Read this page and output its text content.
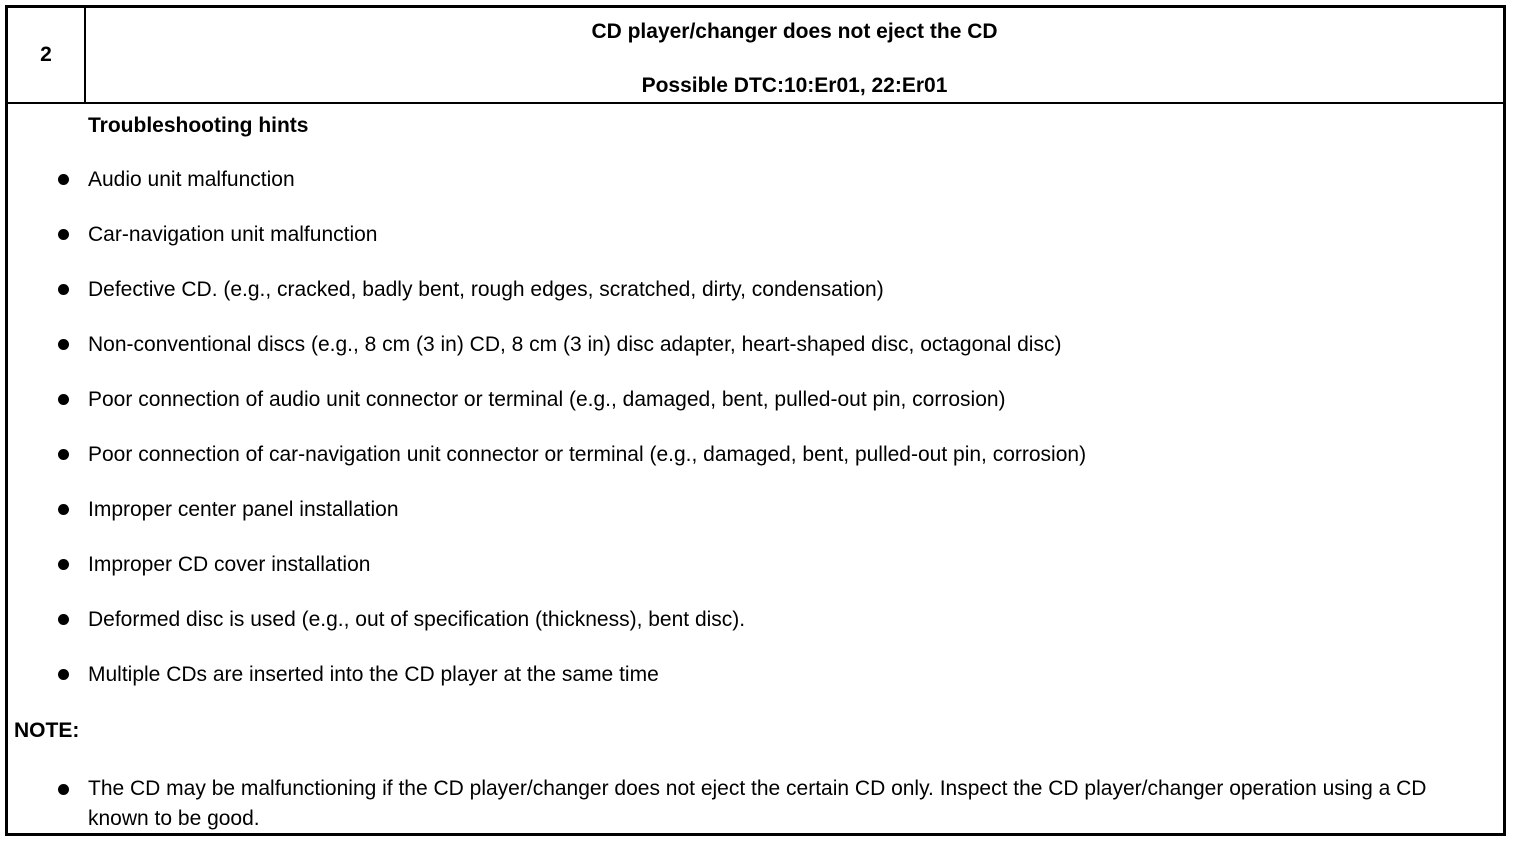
2
CD player/changer does not eject the CD
Possible DTC:10:Er01, 22:Er01
Troubleshooting hints
Audio unit malfunction
Car-navigation unit malfunction
Defective CD. (e.g., cracked, badly bent, rough edges, scratched, dirty, condensation)
Non-conventional discs (e.g., 8 cm (3 in) CD, 8 cm (3 in) disc adapter, heart-shaped disc, octagonal disc)
Poor connection of audio unit connector or terminal (e.g., damaged, bent, pulled-out pin, corrosion)
Poor connection of car-navigation unit connector or terminal (e.g., damaged, bent, pulled-out pin, corrosion)
Improper center panel installation
Improper CD cover installation
Deformed disc is used (e.g., out of specification (thickness), bent disc).
Multiple CDs are inserted into the CD player at the same time
NOTE:
The CD may be malfunctioning if the CD player/changer does not eject the certain CD only. Inspect the CD player/changer operation using a CD known to be good.
